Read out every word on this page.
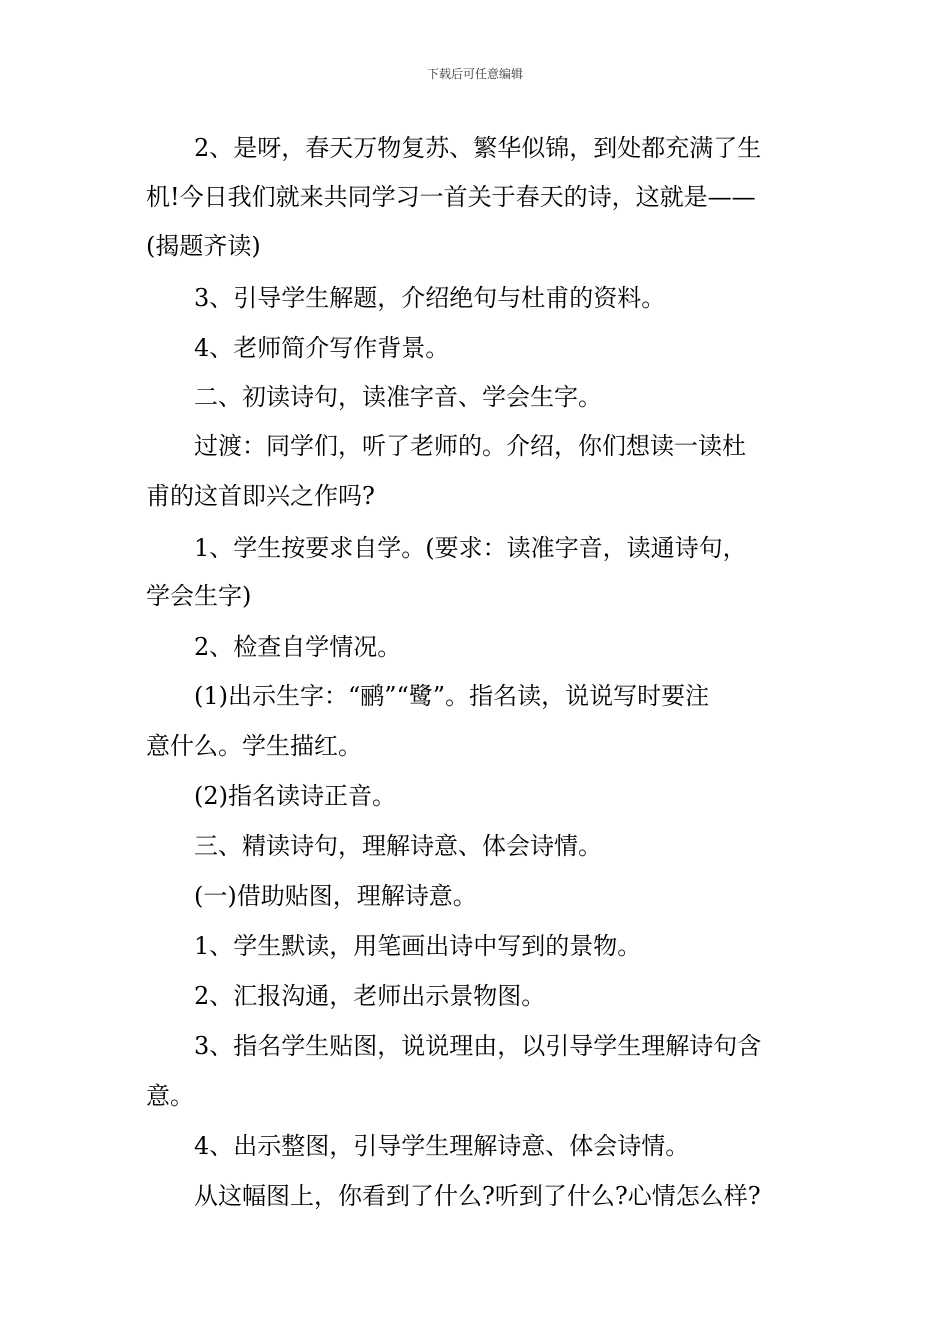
下载后可任意编辑
2、是呀，春天万物复苏、繁华似锦，到处都充满了生
机!今日我们就来共同学习一首关于春天的诗，这就是——
(揭题齐读)
3、引导学生解题，介绍绝句与杜甫的资料。
4、老师简介写作背景。
二、初读诗句，读准字音、学会生字。
过渡：同学们，听了老师的。介绍，你们想读一读杜
甫的这首即兴之作吗?
1、学生按要求自学。(要求：读准字音，读通诗句，
学会生字)
2、检查自学情况。
(1)出示生字：“鹂”“鹭”。指名读，说说写时要注
意什么。学生描红。
(2)指名读诗正音。
三、精读诗句，理解诗意、体会诗情。
(一)借助贴图，理解诗意。
1、学生默读，用笔画出诗中写到的景物。
2、汇报沟通，老师出示景物图。
3、指名学生贴图，说说理由，以引导学生理解诗句含
意。
4、出示整图，引导学生理解诗意、体会诗情。
从这幅图上，你看到了什么?听到了什么?心情怎么样?
